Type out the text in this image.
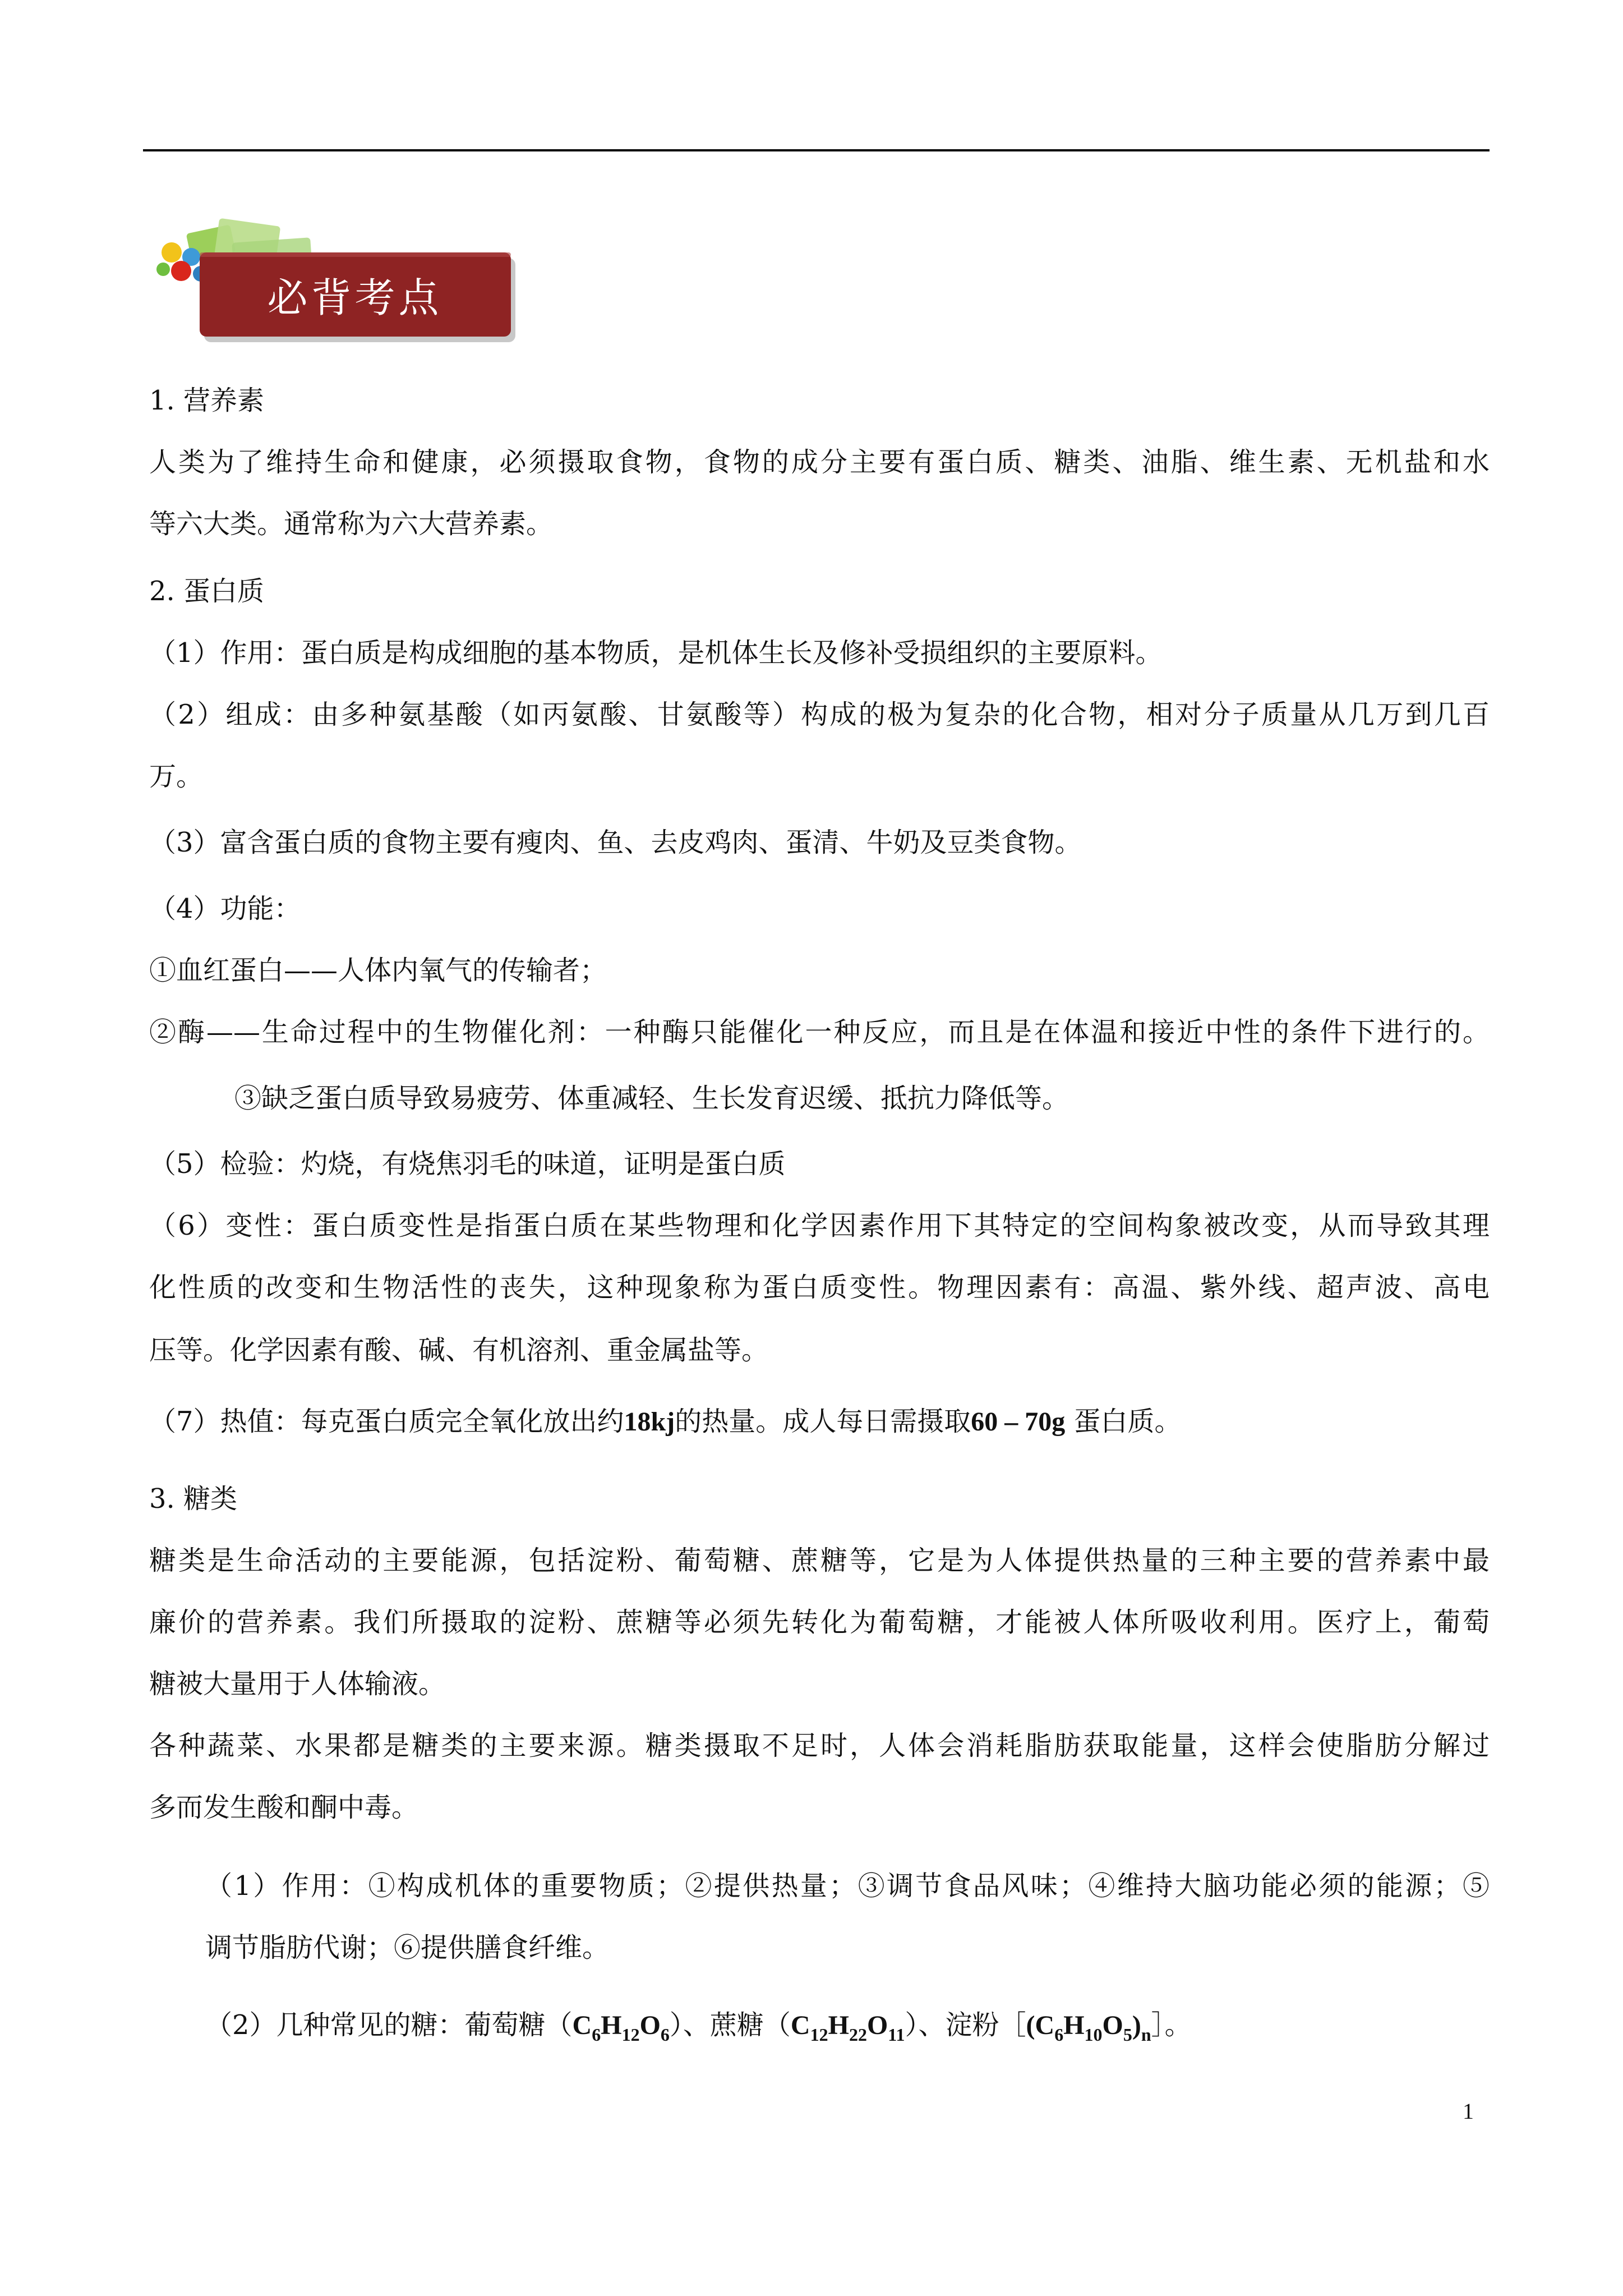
必背考点
1. 营养素
人类为了维持生命和健康，必须摄取食物，食物的成分主要有蛋白质、糖类、油脂、维生素、无机盐和水
等六大类。通常称为六大营养素。
2. 蛋白质
（1）作用：蛋白质是构成细胞的基本物质，是机体生长及修补受损组织的主要原料。
（2）组成：由多种氨基酸（如丙氨酸、甘氨酸等）构成的极为复杂的化合物，相对分子质量从几万到几百
万。
（3）富含蛋白质的食物主要有瘦肉、鱼、去皮鸡肉、蛋清、牛奶及豆类食物。
（4）功能：
①血红蛋白——人体内氧气的传输者；
②酶——生命过程中的生物催化剂：一种酶只能催化一种反应，而且是在体温和接近中性的条件下进行的。
③缺乏蛋白质导致易疲劳、体重减轻、生长发育迟缓、抵抗力降低等。
（5）检验：灼烧，有烧焦羽毛的味道，证明是蛋白质
（6）变性：蛋白质变性是指蛋白质在某些物理和化学因素作用下其特定的空间构象被改变，从而导致其理
化性质的改变和生物活性的丧失，这种现象称为蛋白质变性。物理因素有：高温、紫外线、超声波、高电
压等。化学因素有酸、碱、有机溶剂、重金属盐等。
（7）热值：每克蛋白质完全氧化放出约18kj的热量。成人每日需摄取60 – 70g 蛋白质。
3. 糖类
糖类是生命活动的主要能源，包括淀粉、葡萄糖、蔗糖等，它是为人体提供热量的三种主要的营养素中最
廉价的营养素。我们所摄取的淀粉、蔗糖等必须先转化为葡萄糖，才能被人体所吸收利用。医疗上，葡萄
糖被大量用于人体输液。
各种蔬菜、水果都是糖类的主要来源。糖类摄取不足时，人体会消耗脂肪获取能量，这样会使脂肪分解过
多而发生酸和酮中毒。
（1）作用：①构成机体的重要物质；②提供热量；③调节食品风味；④维持大脑功能必须的能源；⑤
调节脂肪代谢；⑥提供膳食纤维。
（2）几种常见的糖：葡萄糖$(C_6H_{12}O_6)$、蔗糖$(C_{12}H_{22}O_{11})$、淀粉$[(C_6H_{10}O_5)_n]$。
1
